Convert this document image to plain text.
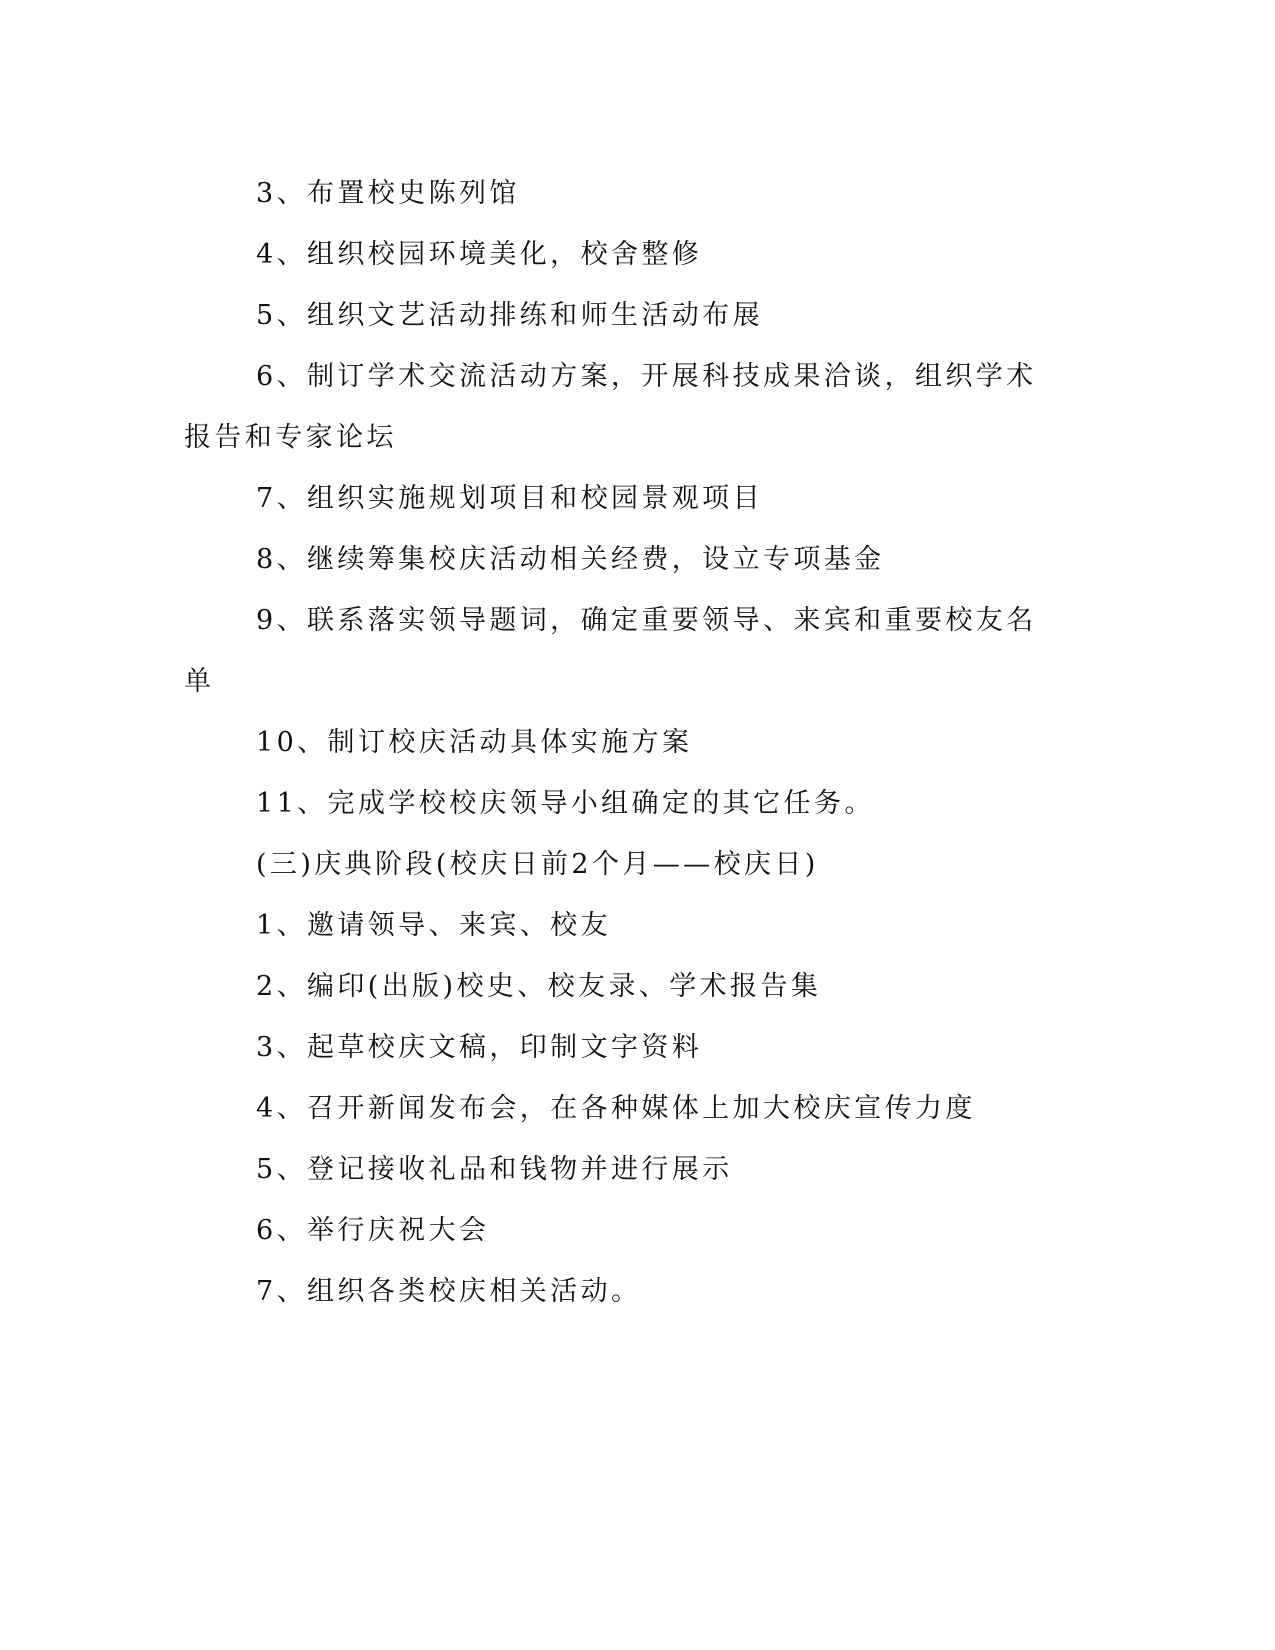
3、布置校史陈列馆

4、组织校园环境美化，校舍整修

5、组织文艺活动排练和师生活动布展

6、制订学术交流活动方案，开展科技成果洽谈，组织学术报告和专家论坛

7、组织实施规划项目和校园景观项目

8、继续筹集校庆活动相关经费，设立专项基金

9、联系落实领导题词，确定重要领导、来宾和重要校友名单

10、制订校庆活动具体实施方案

11、完成学校校庆领导小组确定的其它任务。

(三)庆典阶段(校庆日前2个月——校庆日)

1、邀请领导、来宾、校友

2、编印(出版)校史、校友录、学术报告集

3、起草校庆文稿，印制文字资料

4、召开新闻发布会，在各种媒体上加大校庆宣传力度

5、登记接收礼品和钱物并进行展示

6、举行庆祝大会

7、组织各类校庆相关活动。
